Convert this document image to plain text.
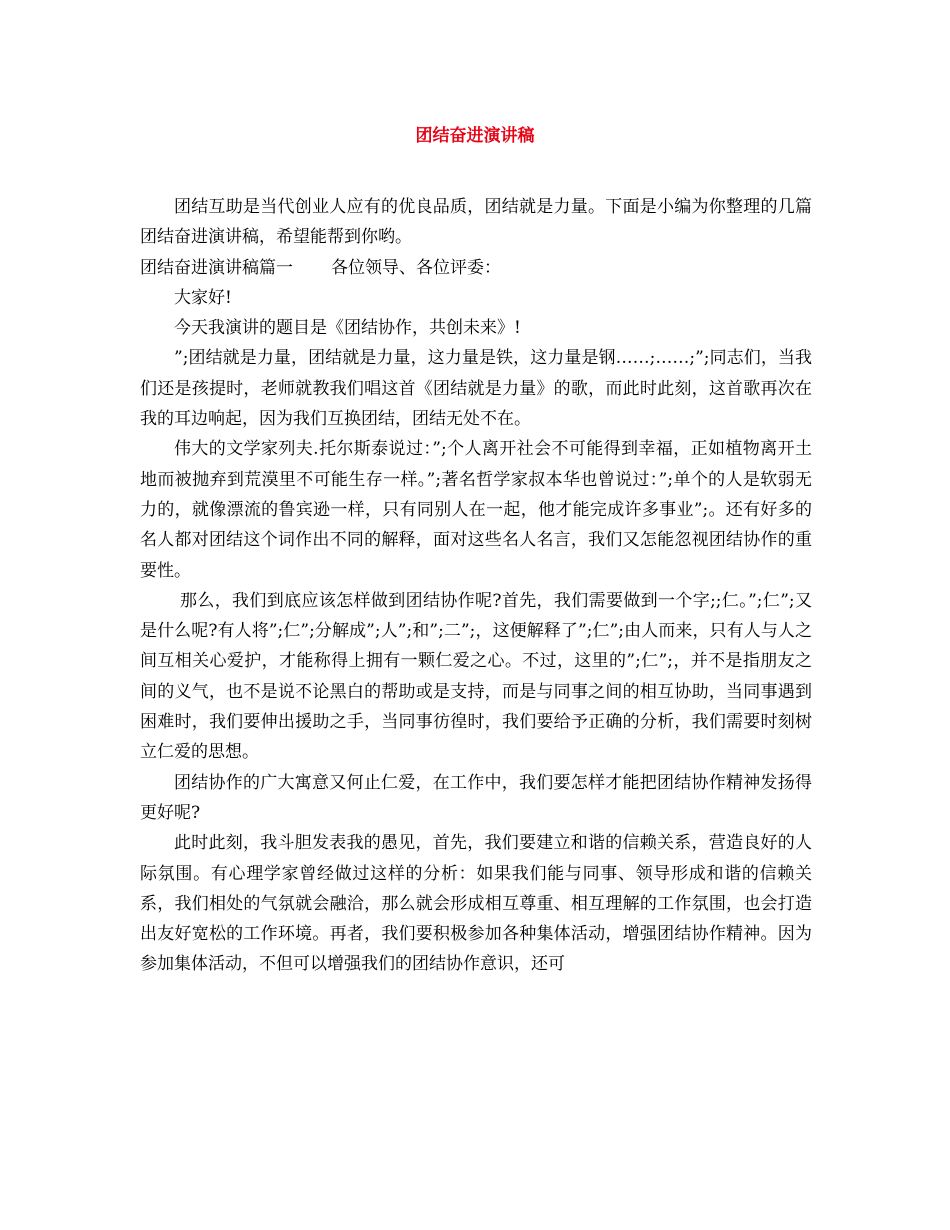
团结奋进演讲稿

团结互助是当代创业人应有的优良品质，团结就是力量。下面是小编为你整理的几篇团结奋进演讲稿，希望能帮到你哟。

团结奋进演讲稿篇一 各位领导、各位评委：

大家好!

今天我演讲的题目是《团结协作，共创未来》!

”;团结就是力量，团结就是力量，这力量是铁，这力量是钢……;……;”;同志们，当我们还是孩提时，老师就教我们唱这首《团结就是力量》的歌，而此时此刻，这首歌再次在我的耳边响起，因为我们互换团结，团结无处不在。

伟大的文学家列夫.托尔斯泰说过：”;个人离开社会不可能得到幸福，正如植物离开土地而被抛弃到荒漠里不可能生存一样。”;著名哲学家叔本华也曾说过：”;单个的人是软弱无力的，就像漂流的鲁宾逊一样，只有同别人在一起，他才能完成许多事业”;。还有好多的名人都对团结这个词作出不同的解释，面对这些名人名言，我们又怎能忽视团结协作的重要性。

那么，我们到底应该怎样做到团结协作呢?首先，我们需要做到一个字;;仁。”;仁”;又是什么呢?有人将”;仁”;分解成”;人”;和”;二”;，这便解释了”;仁”;由人而来，只有人与人之间互相关心爱护，才能称得上拥有一颗仁爱之心。不过，这里的”;仁”;，并不是指朋友之间的义气，也不是说不论黑白的帮助或是支持，而是与同事之间的相互协助，当同事遇到困难时，我们要伸出援助之手，当同事彷徨时，我们要给予正确的分析，我们需要时刻树立仁爱的思想。

团结协作的广大寓意又何止仁爱，在工作中，我们要怎样才能把团结协作精神发扬得更好呢?

此时此刻，我斗胆发表我的愚见，首先，我们要建立和谐的信赖关系，营造良好的人际氛围。有心理学家曾经做过这样的分析：如果我们能与同事、领导形成和谐的信赖关系，我们相处的气氛就会融洽，那么就会形成相互尊重、相互理解的工作氛围，也会打造出友好宽松的工作环境。再者，我们要积极参加各种集体活动，增强团结协作精神。因为参加集体活动，不但可以增强我们的团结协作意识，还可
